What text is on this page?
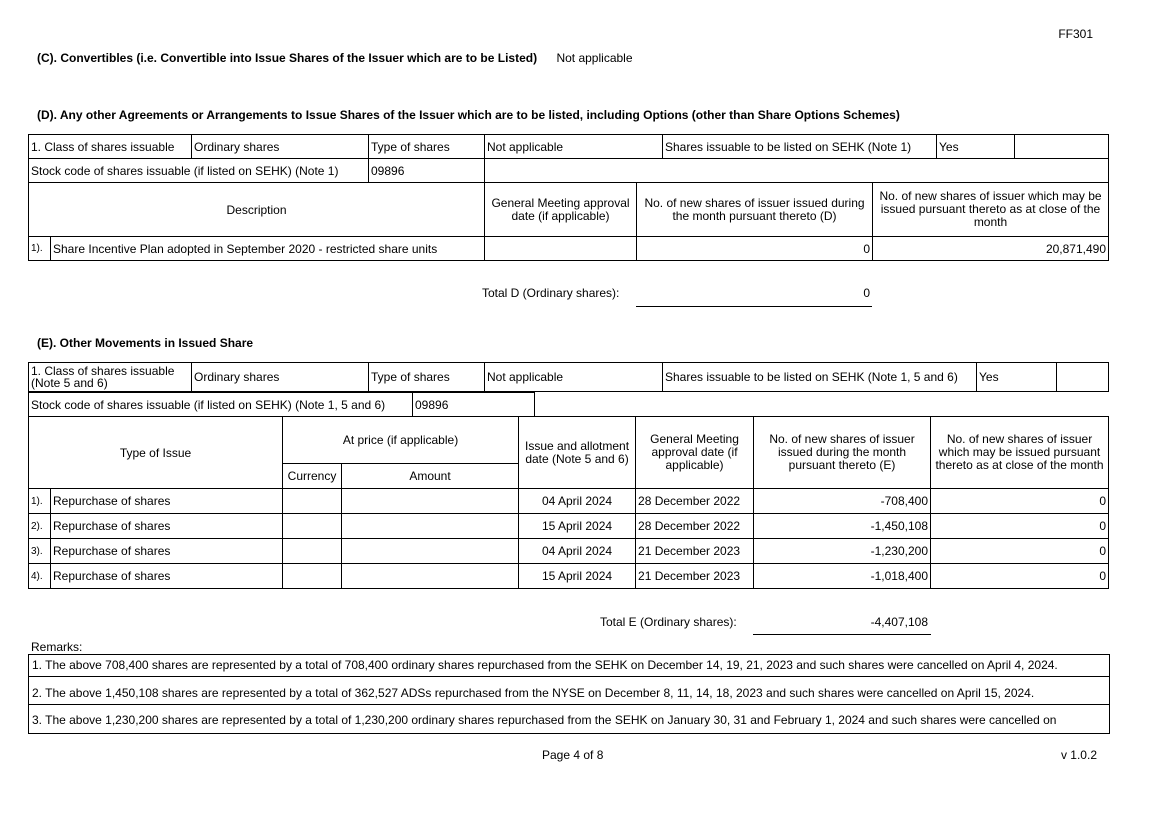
FF301
(C). Convertibles (i.e. Convertible into Issue Shares of the Issuer which are to be Listed) Not applicable
(D). Any other Agreements or Arrangements to Issue Shares of the Issuer which are to be listed, including Options (other than Share Options Schemes)
1. Class of shares issuable	Ordinary shares	Type of shares	Not applicable	Shares issuable to be listed on SEHK (Note 1)	Yes	
Stock code of shares issuable (if listed on SEHK) (Note 1)		09896				
Description		General Meeting approval date (if applicable)	No. of new shares of issuer issued during the month pursuant thereto (D)	No. of new shares of issuer which may be issued pursuant thereto as at close of the month
1).	Share Incentive Plan adopted in September 2020 - restricted share units		0	20,871,490
Total D (Ordinary shares):	0
(E). Other Movements in Issued Share
1. Class of shares issuable (Note 5 and 6)	Ordinary shares	Type of shares	Not applicable	Shares issuable to be listed on SEHK (Note 1, 5 and 6)	Yes	
Stock code of shares issuable (if listed on SEHK) (Note 1, 5 and 6)	09896	
Type of Issue		At price (if applicable)		Issue and allotment date (Note 5 and 6)	General Meeting approval date (if applicable)	No. of new shares of issuer issued during the month pursuant thereto (E)	No. of new shares of issuer which may be issued pursuant thereto as at close of the month
		Currency	Amount				
1).	Repurchase of shares			04 April 2024	28 December 2022	-708,400	0
2).	Repurchase of shares			15 April 2024	28 December 2022	-1,450,108	0
3).	Repurchase of shares			04 April 2024	21 December 2023	-1,230,200	0
4).	Repurchase of shares			15 April 2024	21 December 2023	-1,018,400	0
Total E (Ordinary shares):	-4,407,108
Remarks:
1. The above 708,400 shares are represented by a total of 708,400 ordinary shares repurchased from the SEHK on December 14, 19, 21, 2023 and such shares were cancelled on April 4, 2024.
2. The above 1,450,108 shares are represented by a total of 362,527 ADSs repurchased from the NYSE on December 8, 11, 14, 18, 2023 and such shares were cancelled on April 15, 2024.
3. The above 1,230,200 shares are represented by a total of 1,230,200 ordinary shares repurchased from the SEHK on January 30, 31 and February 1, 2024 and such shares were cancelled on
Page 4 of 8	v 1.0.2
